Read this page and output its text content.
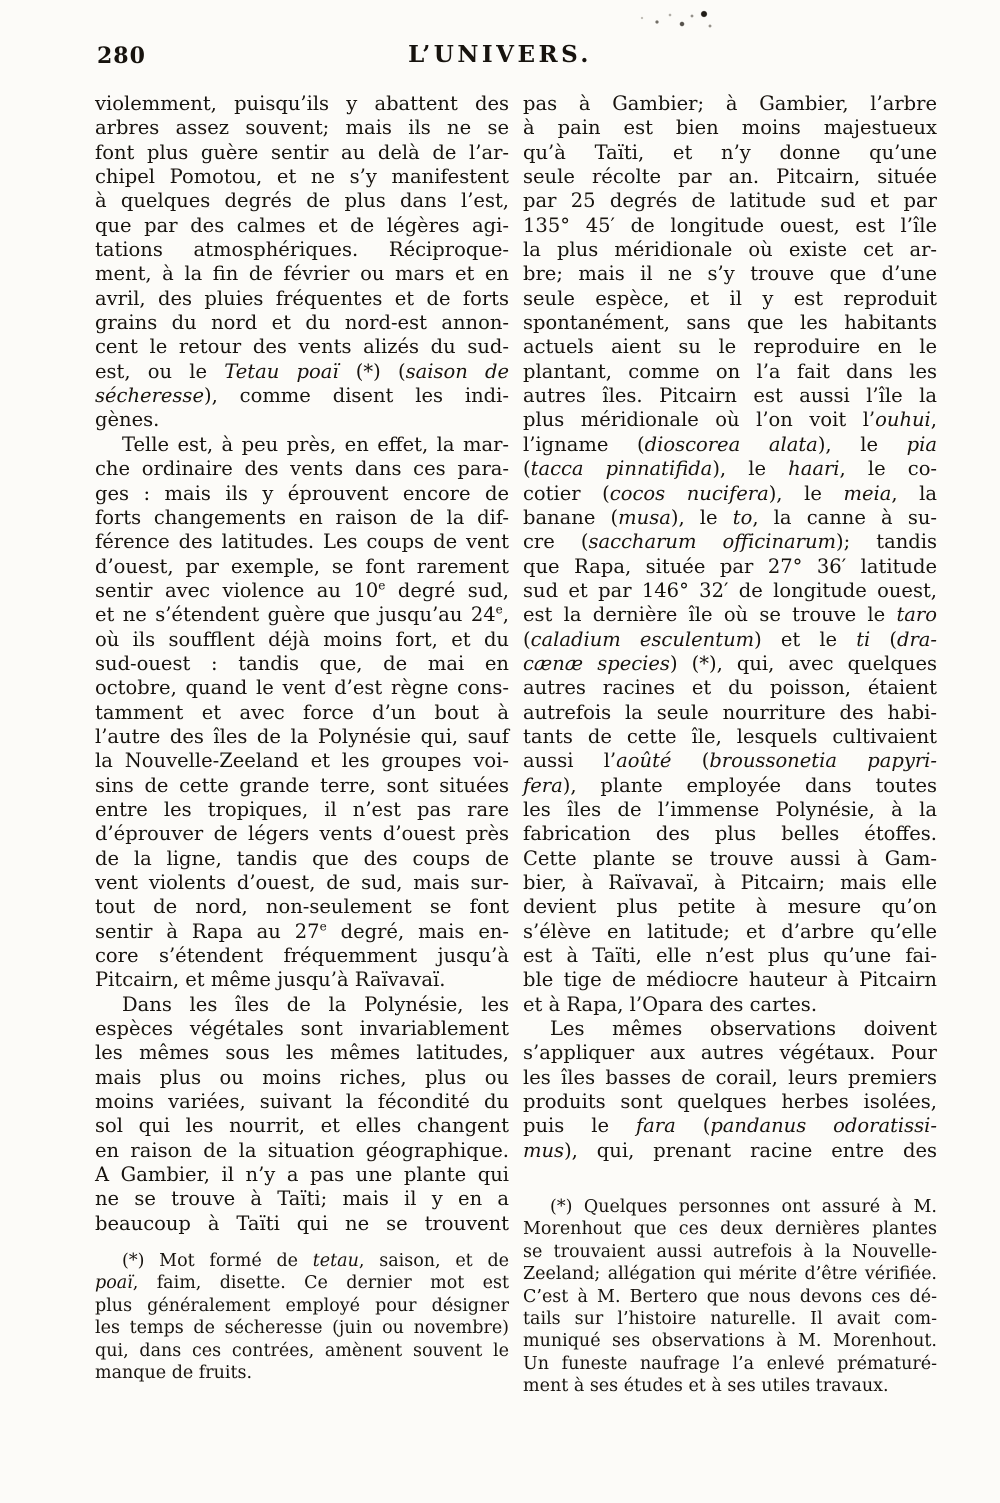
280	L’UNIVERS.
violemment, puisqu’ils y abattent des
arbres assez souvent; mais ils ne se
font plus guère sentir au delà de l’ar-
chipel Pomotou, et ne s’y manifestent
à quelques degrés de plus dans l’est,
que par des calmes et de légères agi-
tations atmosphériques. Réciproque-
ment, à la fin de février ou mars et en
avril, des pluies fréquentes et de forts
grains du nord et du nord-est annon-
cent le retour des vents alizés du sud-
est, ou le Tetau poaï (*) (saison de
sécheresse), comme disent les indi-
gènes.
Telle est, à peu près, en effet, la mar-
che ordinaire des vents dans ces para-
ges : mais ils y éprouvent encore de
forts changements en raison de la dif-
férence des latitudes. Les coups de vent
d’ouest, par exemple, se font rarement
sentir avec violence au 10e degré sud,
et ne s’étendent guère que jusqu’au 24e,
où ils soufflent déjà moins fort, et du
sud-ouest : tandis que, de mai en
octobre, quand le vent d’est règne cons-
tamment et avec force d’un bout à
l’autre des îles de la Polynésie qui, sauf
la Nouvelle-Zeeland et les groupes voi-
sins de cette grande terre, sont situées
entre les tropiques, il n’est pas rare
d’éprouver de légers vents d’ouest près
de la ligne, tandis que des coups de
vent violents d’ouest, de sud, mais sur-
tout de nord, non-seulement se font
sentir à Rapa au 27e degré, mais en-
core s’étendent fréquemment jusqu’à
Pitcairn, et même jusqu’à Raïvavaï.
Dans les îles de la Polynésie, les
espèces végétales sont invariablement
les mêmes sous les mêmes latitudes,
mais plus ou moins riches, plus ou
moins variées, suivant la fécondité du
sol qui les nourrit, et elles changent
en raison de la situation géographique.
A Gambier, il n’y a pas une plante qui
ne se trouve à Taïti; mais il y en a
beaucoup à Taïti qui ne se trouvent
pas à Gambier; à Gambier, l’arbre
à pain est bien moins majestueux
qu’à Taïti, et n’y donne qu’une
seule récolte par an. Pitcairn, située
par 25 degrés de latitude sud et par
135° 45′ de longitude ouest, est l’île
la plus méridionale où existe cet ar-
bre; mais il ne s’y trouve que d’une
seule espèce, et il y est reproduit
spontanément, sans que les habitants
actuels aient su le reproduire en le
plantant, comme on l’a fait dans les
autres îles. Pitcairn est aussi l’île la
plus méridionale où l’on voit l’ouhui,
l’igname (dioscorea alata), le pia
(tacca pinnatifida), le haari, le co-
cotier (cocos nucifera), le meia, la
banane (musa), le to, la canne à su-
cre (saccharum officinarum); tandis
que Rapa, située par 27° 36′ latitude
sud et par 146° 32′ de longitude ouest,
est la dernière île où se trouve le taro
(caladium esculentum) et le ti (dra-
cænæ species) (*), qui, avec quelques
autres racines et du poisson, étaient
autrefois la seule nourriture des habi-
tants de cette île, lesquels cultivaient
aussi l’aoûté (broussonetia papyri-
fera), plante employée dans toutes
les îles de l’immense Polynésie, à la
fabrication des plus belles étoffes.
Cette plante se trouve aussi à Gam-
bier, à Raïvavaï, à Pitcairn; mais elle
devient plus petite à mesure qu’on
s’élève en latitude; et d’arbre qu’elle
est à Taïti, elle n’est plus qu’une fai-
ble tige de médiocre hauteur à Pitcairn
et à Rapa, l’Opara des cartes.
Les mêmes observations doivent
s’appliquer aux autres végétaux. Pour
les îles basses de corail, leurs premiers
produits sont quelques herbes isolées,
puis le fara (pandanus odoratissi-
mus), qui, prenant racine entre des
(*) Mot formé de tetau, saison, et de
poaï, faim, disette. Ce dernier mot est
plus généralement employé pour désigner
les temps de sécheresse (juin ou novembre)
qui, dans ces contrées, amènent souvent le
manque de fruits.
(*) Quelques personnes ont assuré à M.
Morenhout que ces deux dernières plantes
se trouvaient aussi autrefois à la Nouvelle-
Zeeland; allégation qui mérite d’être vérifiée.
C’est à M. Bertero que nous devons ces dé-
tails sur l’histoire naturelle. Il avait com-
muniqué ses observations à M. Morenhout.
Un funeste naufrage l’a enlevé prématuré-
ment à ses études et à ses utiles travaux.
